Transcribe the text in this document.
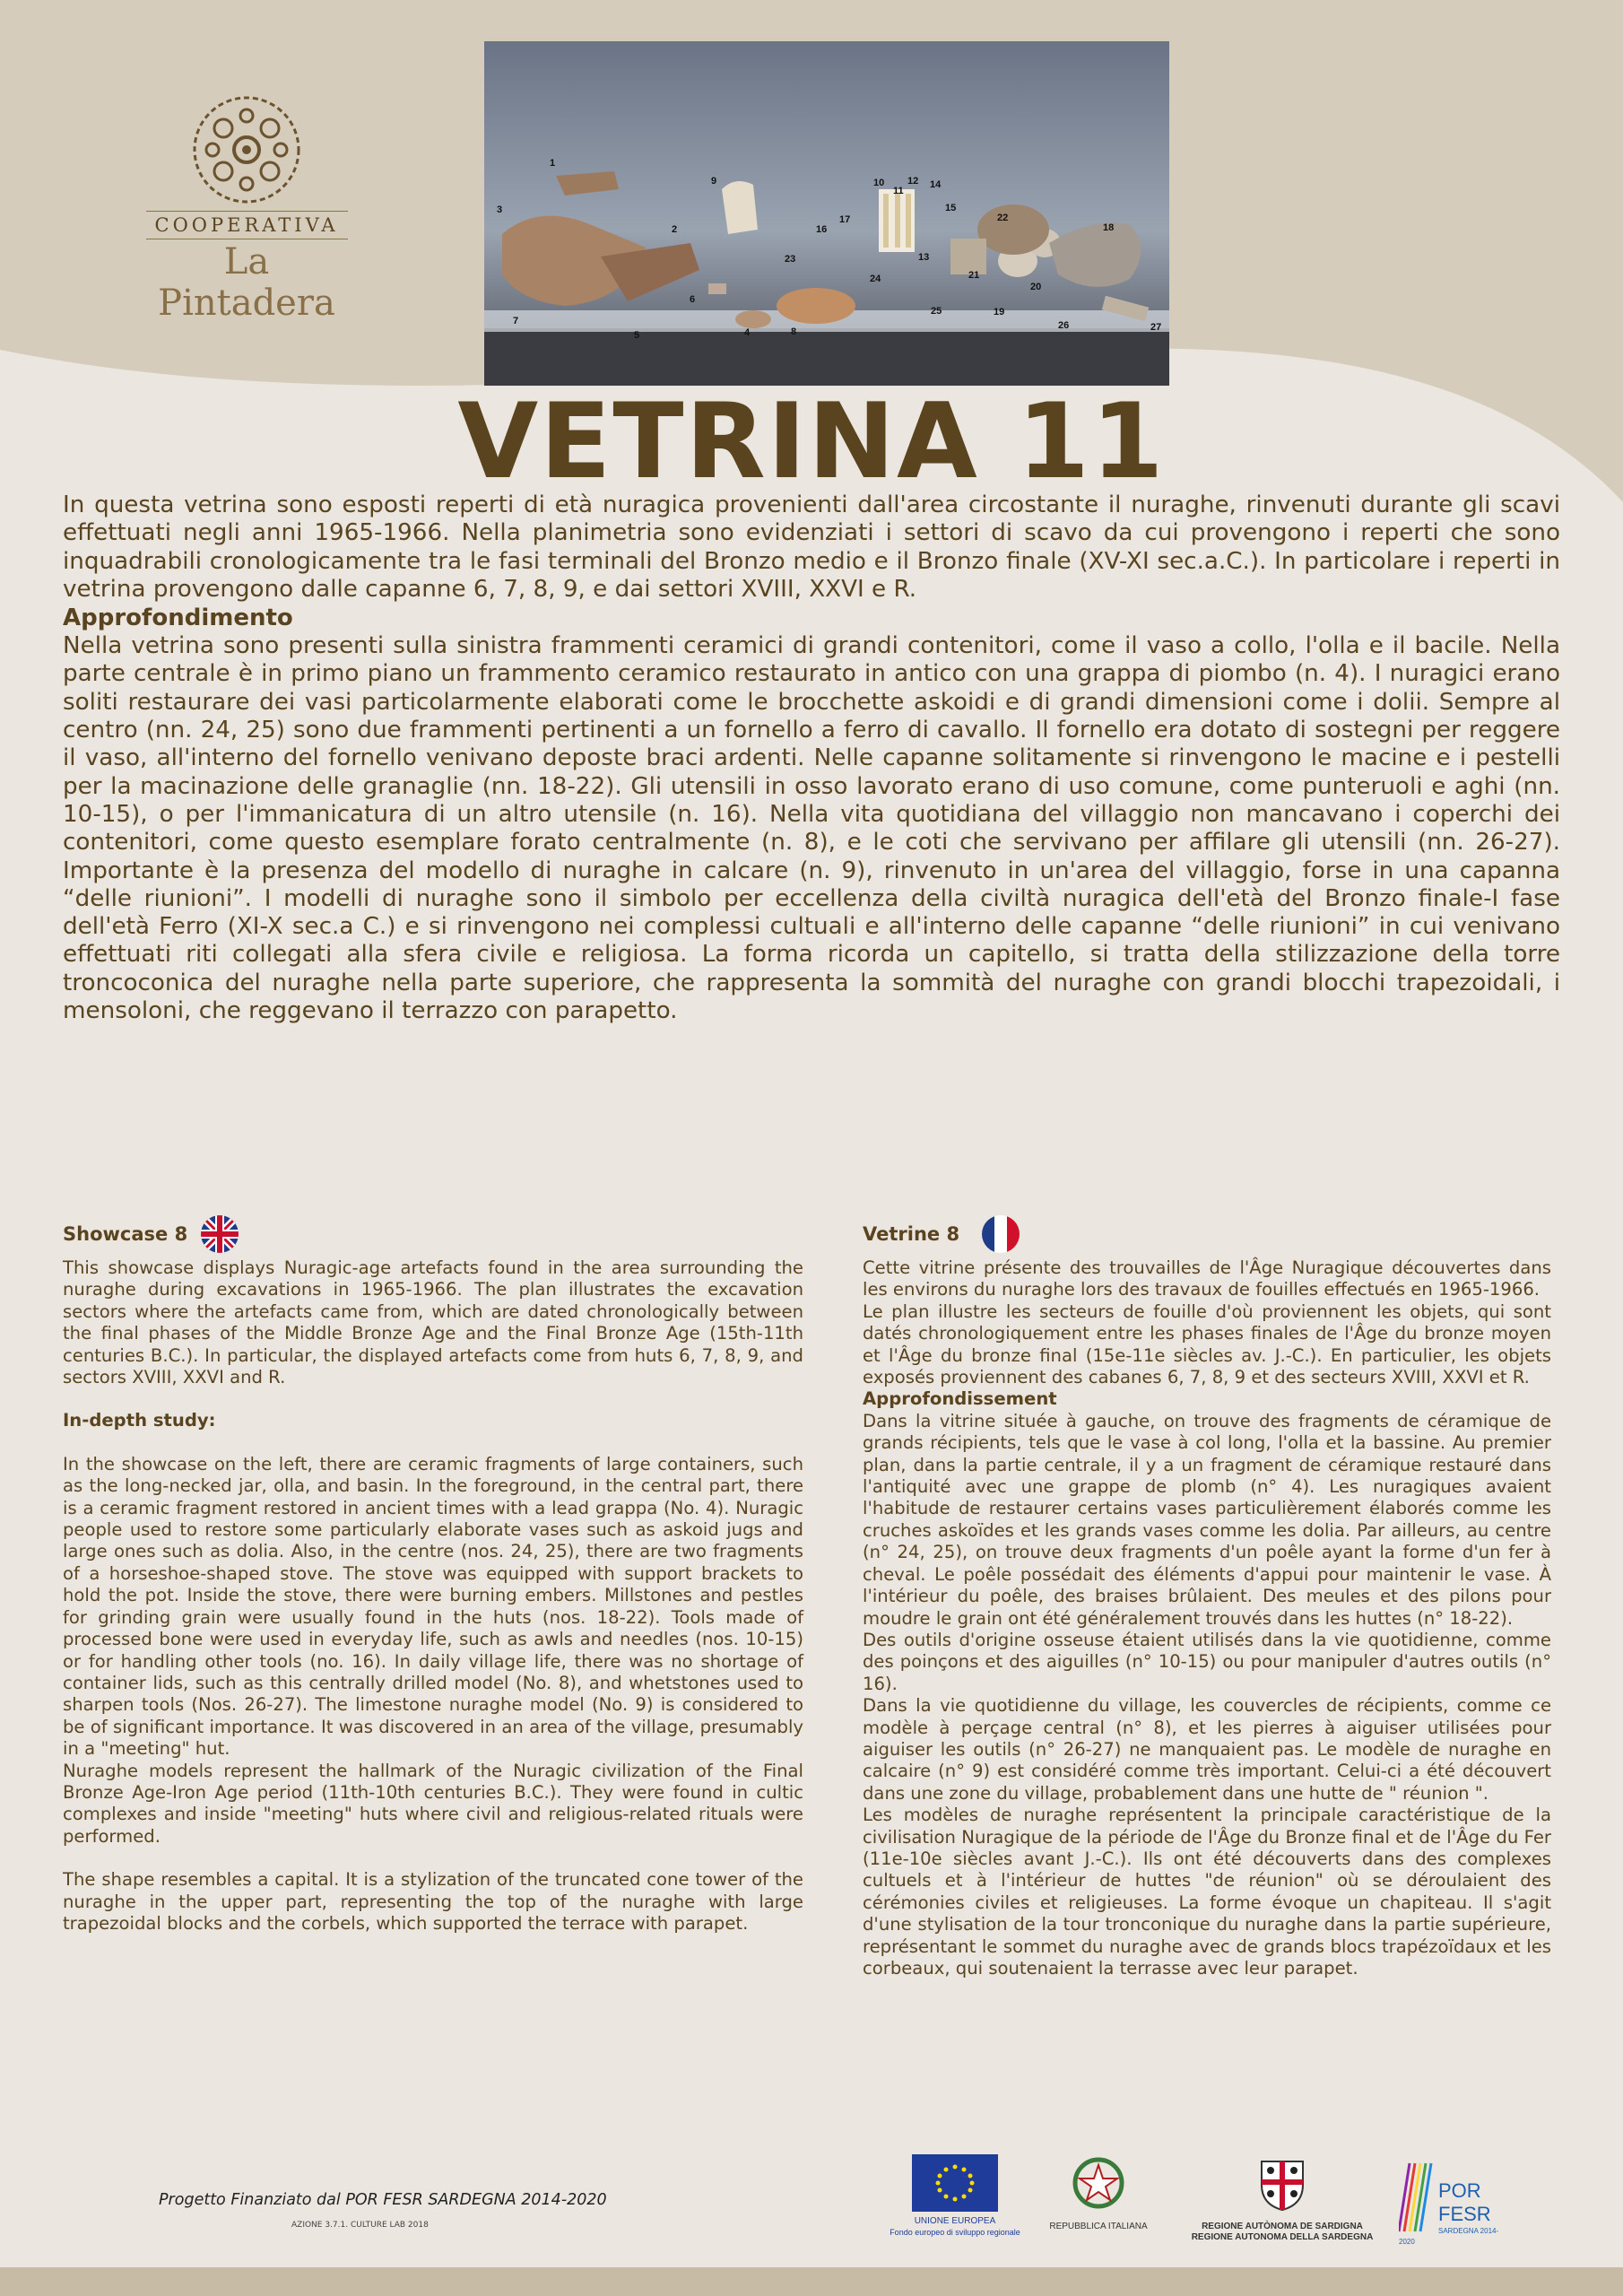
COOPERATIVA
La Pintadera
1
2
3
4
5
6
7
8
9	10
11
12
13
14
15
16
17
18
19
20
21
22
23
24
25
26	27
VETRINA 11

In questa vetrina sono esposti reperti di età nuragica provenienti dall'area circostante il nuraghe, rinvenuti durante gli scavi effettuati negli anni 1965-1966. Nella planimetria sono evidenziati i settori di scavo da cui provengono i reperti che sono inquadrabili cronologicamente tra le fasi terminali del Bronzo medio e il Bronzo finale (XV-XI sec.a.C.). In particolare i reperti in vetrina provengono dalle capanne 6, 7, 8, 9, e dai settori XVIII, XXVI e R.

Approfondimento

Nella vetrina sono presenti sulla sinistra frammenti ceramici di grandi contenitori, come il vaso a collo, l'olla e il bacile. Nella parte centrale è in primo piano un frammento ceramico restaurato in antico con una grappa di piombo (n. 4). I nuragici erano soliti restaurare dei vasi particolarmente elaborati come le brocchette askoidi e di grandi dimensioni come i dolii. Sempre al centro (nn. 24, 25) sono due frammenti pertinenti a un fornello a ferro di cavallo. Il fornello era dotato di sostegni per reggere il vaso, all'interno del fornello venivano deposte braci ardenti. Nelle capanne solitamente si rinvengono le macine e i pestelli per la macinazione delle granaglie (nn. 18-22). Gli utensili in osso lavorato erano di uso comune, come punteruoli e aghi (nn. 10-15), o per l'immanicatura di un altro utensile (n. 16). Nella vita quotidiana del villaggio non mancavano i coperchi dei contenitori, come questo esemplare forato centralmente (n. 8), e le coti che servivano per affilare gli utensili (nn. 26-27). Importante è la presenza del modello di nuraghe in calcare (n. 9), rinvenuto in un'area del villaggio, forse in una capanna “delle riunioni”. I modelli di nuraghe sono il simbolo per eccellenza della civiltà nuragica dell'età del Bronzo finale-I fase dell'età Ferro (XI-X sec.a C.) e si rinvengono nei complessi cultuali e all'interno delle capanne “delle riunioni” in cui venivano effettuati riti collegati alla sfera civile e religiosa. La forma ricorda un capitello, si tratta della stilizzazione della torre troncoconica del nuraghe nella parte superiore, che rappresenta la sommità del nuraghe con grandi blocchi trapezoidali, i mensoloni, che reggevano il terrazzo con parapetto.

Showcase 8

This showcase displays Nuragic-age artefacts found in the area surrounding the nuraghe during excavations in 1965-1966. The plan illustrates the excavation sectors where the artefacts came from, which are dated chronologically between the final phases of the Middle Bronze Age and the Final Bronze Age (15th-11th centuries B.C.). In particular, the displayed artefacts come from huts 6, 7, 8, 9, and sectors XVIII, XXVI and R.

In-depth study:

In the showcase on the left, there are ceramic fragments of large containers, such as the long-necked jar, olla, and basin. In the foreground, in the central part, there is a ceramic fragment restored in ancient times with a lead grappa (No. 4). Nuragic people used to restore some particularly elaborate vases such as askoid jugs and large ones such as dolia. Also, in the centre (nos. 24, 25), there are two fragments of a horseshoe-shaped stove. The stove was equipped with support brackets to hold the pot. Inside the stove, there were burning embers. Millstones and pestles for grinding grain were usually found in the huts (nos. 18-22). Tools made of processed bone were used in everyday life, such as awls and needles (nos. 10-15) or for handling other tools (no. 16). In daily village life, there was no shortage of container lids, such as this centrally drilled model (No. 8), and whetstones used to sharpen tools (Nos. 26-27). The limestone nuraghe model (No. 9) is considered to be of significant importance. It was discovered in an area of the village, presumably in a "meeting" hut.

Nuraghe models represent the hallmark of the Nuragic civilization of the Final Bronze Age-Iron Age period (11th-10th centuries B.C.). They were found in cultic complexes and inside "meeting" huts where civil and religious-related rituals were performed.

The shape resembles a capital. It is a stylization of the truncated cone tower of the nuraghe in the upper part, representing the top of the nuraghe with large trapezoidal blocks and the corbels, which supported the terrace with parapet.

Vetrine 8

Cette vitrine présente des trouvailles de l'Âge Nuragique découvertes dans les environs du nuraghe lors des travaux de fouilles effectués en 1965-1966.

Le plan illustre les secteurs de fouille d'où proviennent les objets, qui sont datés chronologiquement entre les phases finales de l'Âge du bronze moyen et l'Âge du bronze final (15e-11e siècles av. J.-C.). En particulier, les objets exposés proviennent des cabanes 6, 7, 8, 9 et des secteurs XVIII, XXVI et R.

Approfondissement

Dans la vitrine située à gauche, on trouve des fragments de céramique de grands récipients, tels que le vase à col long, l'olla et la bassine. Au premier plan, dans la partie centrale, il y a un fragment de céramique restauré dans l'antiquité avec une grappe de plomb (n° 4). Les nuragiques avaient l'habitude de restaurer certains vases particulièrement élaborés comme les cruches askoïdes et les grands vases comme les dolia. Par ailleurs, au centre (n° 24, 25), on trouve deux fragments d'un poêle ayant la forme d'un fer à cheval. Le poêle possédait des éléments d'appui pour maintenir le vase. À l'intérieur du poêle, des braises brûlaient. Des meules et des pilons pour moudre le grain ont été généralement trouvés dans les huttes (n° 18-22).

Des outils d'origine osseuse étaient utilisés dans la vie quotidienne, comme des poinçons et des aiguilles (n° 10-15) ou pour manipuler d'autres outils (n° 16).

Dans la vie quotidienne du village, les couvercles de récipients, comme ce modèle à perçage central (n° 8), et les pierres à aiguiser utilisées pour aiguiser les outils (n° 26-27) ne manquaient pas. Le modèle de nuraghe en calcaire (n° 9) est considéré comme très important. Celui-ci a été découvert dans une zone du village, probablement dans une hutte de " réunion ".

Les modèles de nuraghe représentent la principale caractéristique de la civilisation Nuragique de la période de l'Âge du Bronze final et de l'Âge du Fer (11e-10e siècles avant J.-C.). Ils ont été découverts dans des complexes cultuels et à l'intérieur de huttes "de réunion" où se déroulaient des cérémonies civiles et religieuses. La forme évoque un chapiteau. Il s'agit d'une stylisation de la tour tronconique du nuraghe dans la partie supérieure, représentant le sommet du nuraghe avec de grands blocs trapézoïdaux et les corbeaux, qui soutenaient la terrasse avec leur parapet.

Progetto Finanziato dal POR FESR SARDEGNA 2014-2020
AZIONE 3.7.1. CULTURE LAB 2018	UNIONE EUROPEA
Fondo europeo di sviluppo regionale
REPUBBLICA ITALIANA	REGIONE AUTÒNOMA DE SARDIGNA
REGIONE AUTONOMA DELLA SARDEGNA
POR FESR
SARDEGNA 2014-2020
